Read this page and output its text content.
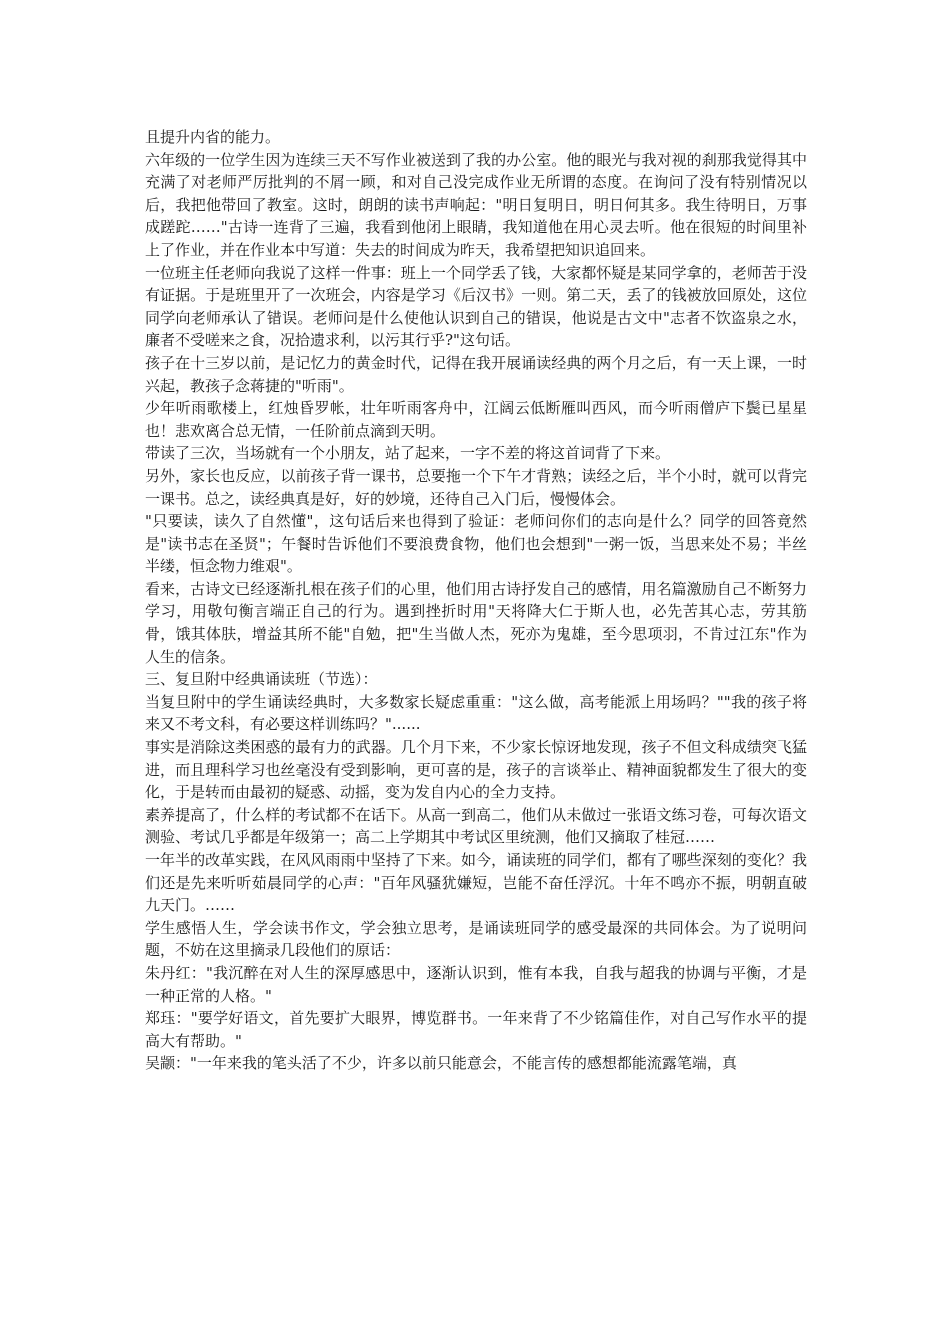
且提升内省的能力。

六年级的一位学生因为连续三天不写作业被送到了我的办公室。他的眼光与我对视的刹那我觉得其中充满了对老师严厉批判的不屑一顾，和对自己没完成作业无所谓的态度。在询问了没有特别情况以后，我把他带回了教室。这时，朗朗的读书声响起："明日复明日，明日何其多。我生待明日，万事成蹉跎……"古诗一连背了三遍，我看到他闭上眼睛，我知道他在用心灵去听。他在很短的时间里补上了作业，并在作业本中写道：失去的时间成为昨天，我希望把知识追回来。

一位班主任老师向我说了这样一件事：班上一个同学丢了钱，大家都怀疑是某同学拿的，老师苦于没有证据。于是班里开了一次班会，内容是学习《后汉书》一则。第二天，丢了的钱被放回原处，这位同学向老师承认了错误。老师问是什么使他认识到自己的错误，他说是古文中"志者不饮盗泉之水，廉者不受嗟来之食，况拾遗求利，以污其行乎?"这句话。

孩子在十三岁以前，是记忆力的黄金时代，记得在我开展诵读经典的两个月之后，有一天上课，一时兴起，教孩子念蒋捷的"听雨"。

少年听雨歌楼上，红烛昏罗帐，壮年听雨客舟中，江阔云低断雁叫西风，而今听雨僧庐下鬓已星星也！悲欢离合总无情，一任阶前点滴到天明。

带读了三次，当场就有一个小朋友，站了起来，一字不差的将这首词背了下来。

另外，家长也反应，以前孩子背一课书，总要拖一个下午才背熟；读经之后，半个小时，就可以背完一课书。总之，读经典真是好，好的妙境，还待自己入门后，慢慢体会。

"只要读，读久了自然懂"，这句话后来也得到了验证：老师问你们的志向是什么？同学的回答竟然是"读书志在圣贤"；午餐时告诉他们不要浪费食物，他们也会想到"一粥一饭，当思来处不易；半丝半缕，恒念物力维艰"。

看来，古诗文已经逐渐扎根在孩子们的心里，他们用古诗抒发自己的感情，用名篇激励自己不断努力学习，用敬句衡言端正自己的行为。遇到挫折时用"天将降大仁于斯人也，必先苦其心志，劳其筋骨，饿其体肤，增益其所不能"自勉，把"生当做人杰，死亦为鬼雄，至今思项羽，不肯过江东"作为人生的信条。

三、复旦附中经典诵读班（节选）：

当复旦附中的学生诵读经典时，大多数家长疑虑重重："这么做，高考能派上用场吗？""我的孩子将来又不考文科，有必要这样训练吗？"......

事实是消除这类困惑的最有力的武器。几个月下来，不少家长惊讶地发现，孩子不但文科成绩突飞猛进，而且理科学习也丝毫没有受到影响，更可喜的是，孩子的言谈举止、精神面貌都发生了很大的变化，于是转而由最初的疑惑、动摇，变为发自内心的全力支持。

素养提高了，什么样的考试都不在话下。从高一到高二，他们从未做过一张语文练习卷，可每次语文测验、考试几乎都是年级第一；高二上学期其中考试区里统测，他们又摘取了桂冠……

一年半的改革实践，在风风雨雨中坚持了下来。如今，诵读班的同学们，都有了哪些深刻的变化？我们还是先来听听茹晨同学的心声："百年风骚犹嫌短，岂能不奋任浮沉。十年不鸣亦不振，明朝直破九天门。……

学生感悟人生，学会读书作文，学会独立思考，是诵读班同学的感受最深的共同体会。为了说明问题，不妨在这里摘录几段他们的原话：

朱丹红："我沉醉在对人生的深厚感思中，逐渐认识到，惟有本我，自我与超我的协调与平衡，才是一种正常的人格。"

郑珏："要学好语文，首先要扩大眼界，博览群书。一年来背了不少铭篇佳作，对自己写作水平的提高大有帮助。"

吴颛："一年来我的笔头活了不少，许多以前只能意会，不能言传的感想都能流露笔端，真
